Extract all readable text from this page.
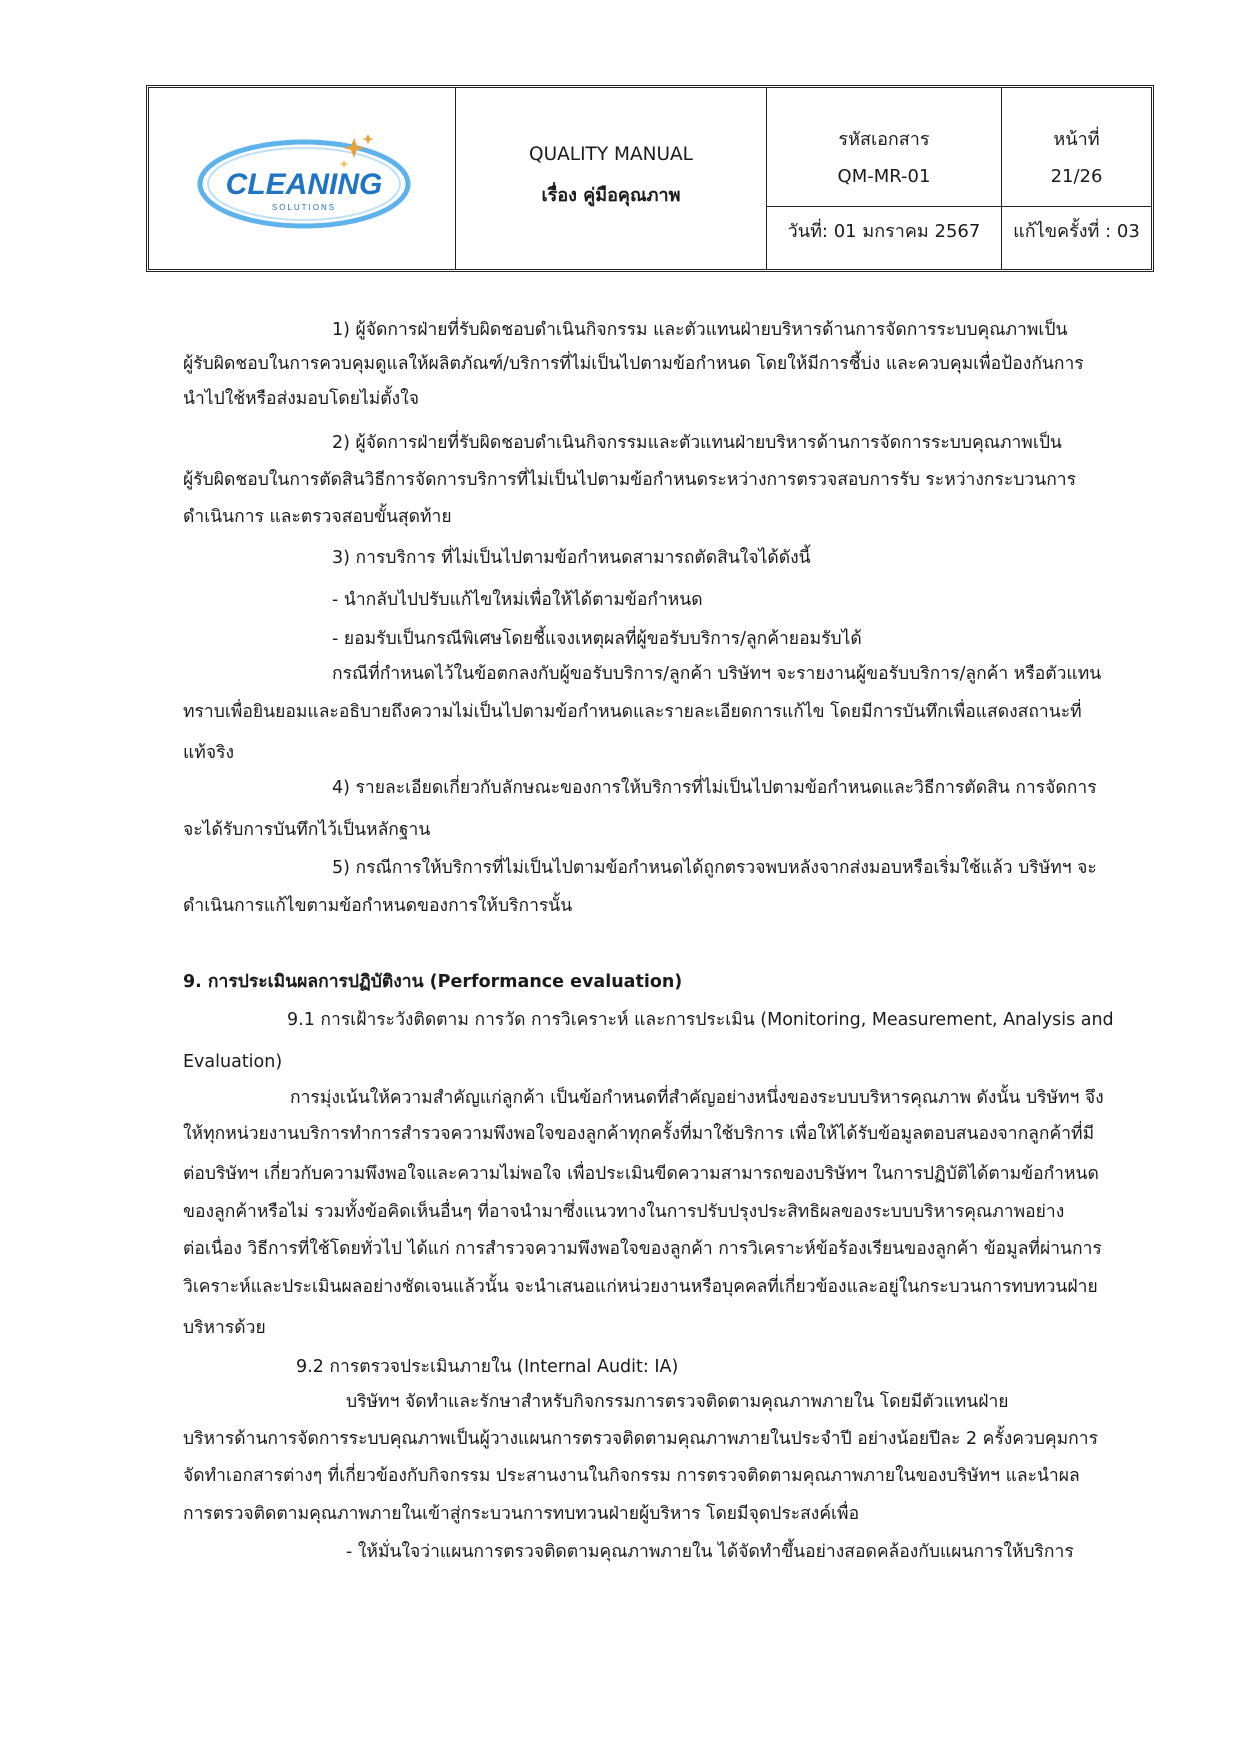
CLEANING
SOLUTIONS
QUALITY MANUAL
เรื่อง คู่มือคุณภาพ
รหัสเอกสาร
QM-MR-01
วันที่: 01 มกราคม 2567
หน้าที่
21/26
แก้ไขครั้งที่ : 03
1) ผู้จัดการฝ่ายที่รับผิดชอบดำเนินกิจกรรม และตัวแทนฝ่ายบริหารด้านการจัดการระบบคุณภาพเป็น
ผู้รับผิดชอบในการควบคุมดูแลให้ผลิตภัณฑ์/บริการที่ไม่เป็นไปตามข้อกำหนด โดยให้มีการชี้บ่ง และควบคุมเพื่อป้องกันการ
นำไปใช้หรือส่งมอบโดยไม่ตั้งใจ
2) ผู้จัดการฝ่ายที่รับผิดชอบดำเนินกิจกรรมและตัวแทนฝ่ายบริหารด้านการจัดการระบบคุณภาพเป็น
ผู้รับผิดชอบในการตัดสินวิธีการจัดการบริการที่ไม่เป็นไปตามข้อกำหนดระหว่างการตรวจสอบการรับ ระหว่างกระบวนการ
ดำเนินการ และตรวจสอบขั้นสุดท้าย
3) การบริการ ที่ไม่เป็นไปตามข้อกำหนดสามารถตัดสินใจได้ดังนี้
- นำกลับไปปรับแก้ไขใหม่เพื่อให้ได้ตามข้อกำหนด
- ยอมรับเป็นกรณีพิเศษโดยชี้แจงเหตุผลที่ผู้ขอรับบริการ/ลูกค้ายอมรับได้
กรณีที่กำหนดไว้ในข้อตกลงกับผู้ขอรับบริการ/ลูกค้า บริษัทฯ จะรายงานผู้ขอรับบริการ/ลูกค้า หรือตัวแทน
ทราบเพื่อยินยอมและอธิบายถึงความไม่เป็นไปตามข้อกำหนดและรายละเอียดการแก้ไข โดยมีการบันทึกเพื่อแสดงสถานะที่
แท้จริง
4) รายละเอียดเกี่ยวกับลักษณะของการให้บริการที่ไม่เป็นไปตามข้อกำหนดและวิธีการตัดสิน การจัดการ
จะได้รับการบันทึกไว้เป็นหลักฐาน
5) กรณีการให้บริการที่ไม่เป็นไปตามข้อกำหนดได้ถูกตรวจพบหลังจากส่งมอบหรือเริ่มใช้แล้ว บริษัทฯ จะ
ดำเนินการแก้ไขตามข้อกำหนดของการให้บริการนั้น
9. การประเมินผลการปฏิบัติงาน (Performance evaluation)
9.1 การเฝ้าระวังติดตาม การวัด การวิเคราะห์ และการประเมิน (Monitoring, Measurement, Analysis and
Evaluation)
การมุ่งเน้นให้ความสำคัญแก่ลูกค้า เป็นข้อกำหนดที่สำคัญอย่างหนึ่งของระบบบริหารคุณภาพ ดังนั้น บริษัทฯ จึง
ให้ทุกหน่วยงานบริการทำการสำรวจความพึงพอใจของลูกค้าทุกครั้งที่มาใช้บริการ เพื่อให้ได้รับข้อมูลตอบสนองจากลูกค้าที่มี
ต่อบริษัทฯ เกี่ยวกับความพึงพอใจและความไม่พอใจ เพื่อประเมินขีดความสามารถของบริษัทฯ ในการปฏิบัติได้ตามข้อกำหนด
ของลูกค้าหรือไม่ รวมทั้งข้อคิดเห็นอื่นๆ ที่อาจนำมาซึ่งแนวทางในการปรับปรุงประสิทธิผลของระบบบริหารคุณภาพอย่าง
ต่อเนื่อง วิธีการที่ใช้โดยทั่วไป ได้แก่ การสำรวจความพึงพอใจของลูกค้า การวิเคราะห์ข้อร้องเรียนของลูกค้า ข้อมูลที่ผ่านการ
วิเคราะห์และประเมินผลอย่างชัดเจนแล้วนั้น จะนำเสนอแก่หน่วยงานหรือบุคคลที่เกี่ยวข้องและอยู่ในกระบวนการทบทวนฝ่าย
บริหารด้วย
9.2 การตรวจประเมินภายใน (Internal Audit: IA)
บริษัทฯ จัดทำและรักษาสำหรับกิจกรรมการตรวจติดตามคุณภาพภายใน โดยมีตัวแทนฝ่าย
บริหารด้านการจัดการระบบคุณภาพเป็นผู้วางแผนการตรวจติดตามคุณภาพภายในประจำปี อย่างน้อยปีละ 2 ครั้งควบคุมการ
จัดทำเอกสารต่างๆ ที่เกี่ยวข้องกับกิจกรรม ประสานงานในกิจกรรม การตรวจติดตามคุณภาพภายในของบริษัทฯ และนำผล
การตรวจติดตามคุณภาพภายในเข้าสู่กระบวนการทบทวนฝ่ายผู้บริหาร โดยมีจุดประสงค์เพื่อ
- ให้มั่นใจว่าแผนการตรวจติดตามคุณภาพภายใน ได้จัดทำขึ้นอย่างสอดคล้องกับแผนการให้บริการ
